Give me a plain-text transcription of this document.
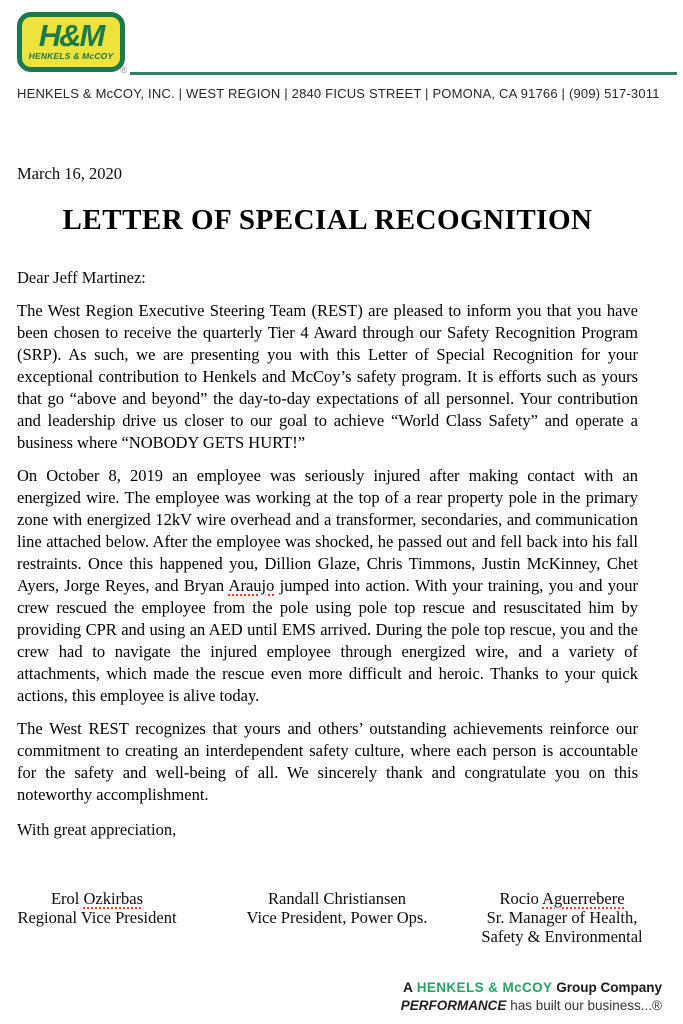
H&M
HENKELS & McCOY
®
HENKELS & McCOY, INC. | WEST REGION | 2840 FICUS STREET | POMONA, CA 91766 | (909) 517-3011
March 16, 2020
LETTER OF SPECIAL RECOGNITION
Dear Jeff Martinez:

The West Region Executive Steering Team (REST) are pleased to inform you that you have been chosen to receive the quarterly Tier 4 Award through our Safety Recognition Program (SRP). As such, we are presenting you with this Letter of Special Recognition for your exceptional contribution to Henkels and McCoy’s safety program. It is efforts such as yours that go “above and beyond” the day-to-day expectations of all personnel. Your contribution and leadership drive us closer to our goal to achieve “World Class Safety” and operate a business where “NOBODY GETS HURT!”

On October 8, 2019 an employee was seriously injured after making contact with an energized wire. The employee was working at the top of a rear property pole in the primary zone with energized 12kV wire overhead and a transformer, secondaries, and communication line attached below. After the employee was shocked, he passed out and fell back into his fall restraints. Once this happened you, Dillion Glaze, Chris Timmons, Justin McKinney, Chet Ayers, Jorge Reyes, and Bryan Araujo jumped into action. With your training, you and your crew rescued the employee from the pole using pole top rescue and resuscitated him by providing CPR and using an AED until EMS arrived. During the pole top rescue, you and the crew had to navigate the injured employee through energized wire, and a variety of attachments, which made the rescue even more difficult and heroic. Thanks to your quick actions, this employee is alive today.

The West REST recognizes that yours and others’ outstanding achievements reinforce our commitment to creating an interdependent safety culture, where each person is accountable for the safety and well-being of all. We sincerely thank and congratulate you on this noteworthy accomplishment.

With great appreciation,
Erol Ozkirbas
Regional Vice President
Randall Christiansen
Vice President, Power Ops.
Rocio Aguerrebere
Sr. Manager of Health,
Safety & Environmental
A HENKELS & McCOY Group Company
PERFORMANCE has built our business...®
